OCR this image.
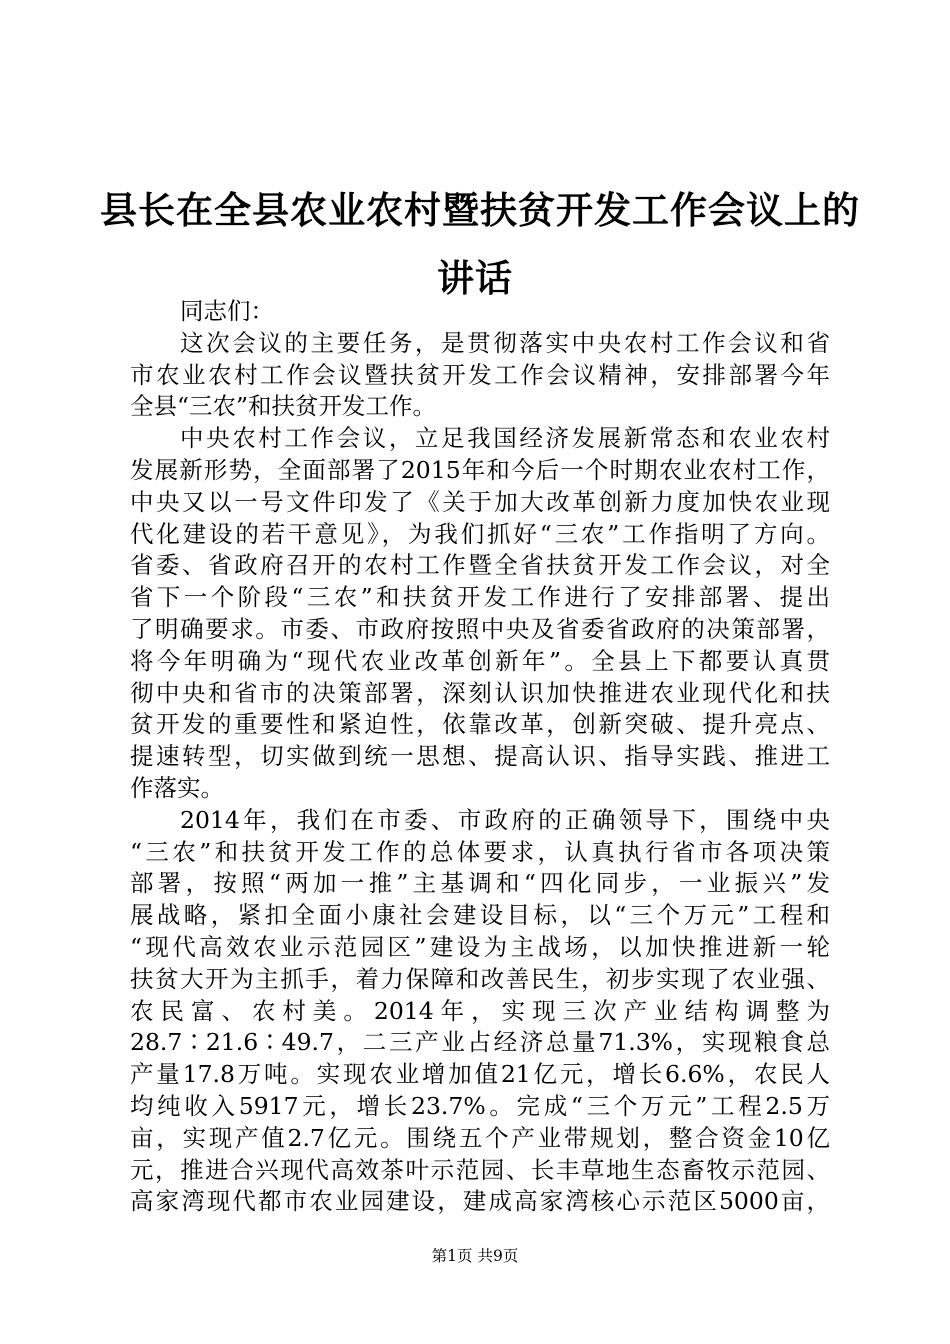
县长在全县农业农村暨扶贫开发工作会议上的
讲话
同志们：
这次会议的主要任务，是贯彻落实中央农村工作会议和省
市农业农村工作会议暨扶贫开发工作会议精神，安排部署今年
全县“三农”和扶贫开发工作。
中央农村工作会议，立足我国经济发展新常态和农业农村
发展新形势，全面部署了2015年和今后一个时期农业农村工作，
中央又以一号文件印发了《关于加大改革创新力度加快农业现
代化建设的若干意见》，为我们抓好“三农”工作指明了方向。
省委、省政府召开的农村工作暨全省扶贫开发工作会议，对全
省下一个阶段“三农”和扶贫开发工作进行了安排部署、提出
了明确要求。市委、市政府按照中央及省委省政府的决策部署，
将今年明确为“现代农业改革创新年”。全县上下都要认真贯
彻中央和省市的决策部署，深刻认识加快推进农业现代化和扶
贫开发的重要性和紧迫性，依靠改革，创新突破、提升亮点、
提速转型，切实做到统一思想、提高认识、指导实践、推进工
作落实。
2014年，我们在市委、市政府的正确领导下，围绕中央
“三农”和扶贫开发工作的总体要求，认真执行省市各项决策
部署，按照“两加一推”主基调和“四化同步，一业振兴”发
展战略，紧扣全面小康社会建设目标，以“三个万元”工程和
“现代高效农业示范园区”建设为主战场，以加快推进新一轮
扶贫大开为主抓手，着力保障和改善民生，初步实现了农业强、
农民富、农村美。2014年，实现三次产业结构调整为
28.7∶21.6∶49.7，二三产业占经济总量71.3%，实现粮食总
产量17.8万吨。实现农业增加值21亿元，增长6.6%，农民人
均纯收入5917元，增长23.7%。完成“三个万元”工程2.5万
亩，实现产值2.7亿元。围绕五个产业带规划，整合资金10亿
元，推进合兴现代高效茶叶示范园、长丰草地生态畜牧示范园、
高家湾现代都市农业园建设，建成高家湾核心示范区5000亩，
第1页 共9页
